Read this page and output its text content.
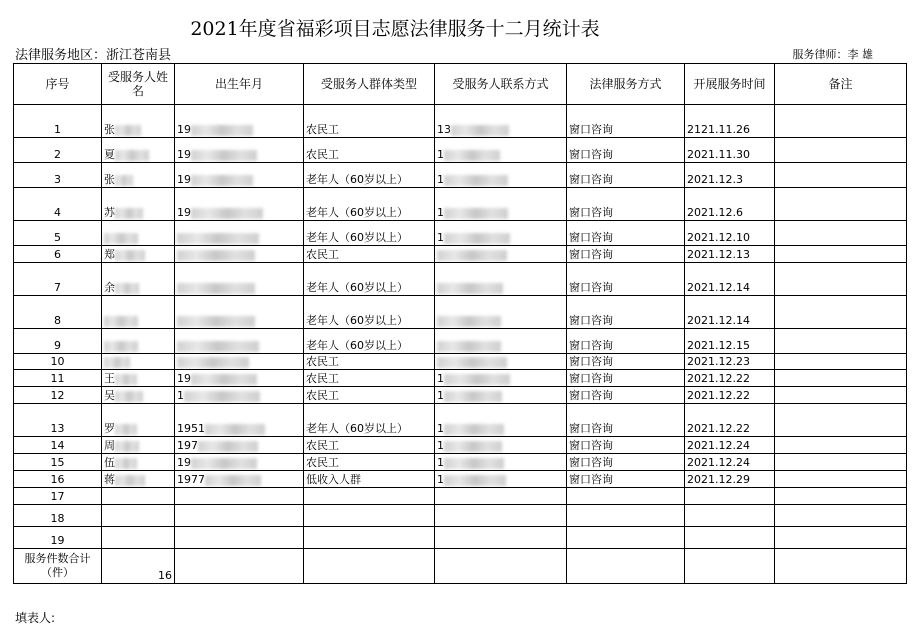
2021年度省福彩项目志愿法律服务十二月统计表
法律服务地区：浙江苍南县	服务律师：李 雄
序号	受服务人姓名	出生年月	受服务人群体类型	受服务人联系方式	法律服务方式	开展服务时间	备注
1	张	19	农民工	13	窗口咨询	2121.11.26	
2	夏	19	农民工	1	窗口咨询	2021.11.30	
3	张	19	老年人（60岁以上）	1	窗口咨询	2021.12.3	
4	苏	19	老年人（60岁以上）	1	窗口咨询	2021.12.6	
5			老年人（60岁以上）	1	窗口咨询	2021.12.10	
6	郑		农民工		窗口咨询	2021.12.13	
7	余		老年人（60岁以上）		窗口咨询	2021.12.14	
8			老年人（60岁以上）		窗口咨询	2021.12.14	
9			老年人（60岁以上）		窗口咨询	2021.12.15	
10			农民工		窗口咨询	2021.12.23	
11	王	19	农民工	1	窗口咨询	2021.12.22	
12	吴	1	农民工	1	窗口咨询	2021.12.22	
13	罗	1951	老年人（60岁以上）	1	窗口咨询	2021.12.22	
14	周	197	农民工	1	窗口咨询	2021.12.24	
15	伍	19	农民工	1	窗口咨询	2021.12.24	
16	蒋	1977	低收入人群	1	窗口咨询	2021.12.29	
17							
18							
19							
服务件数合计（件）	16						
填表人:
